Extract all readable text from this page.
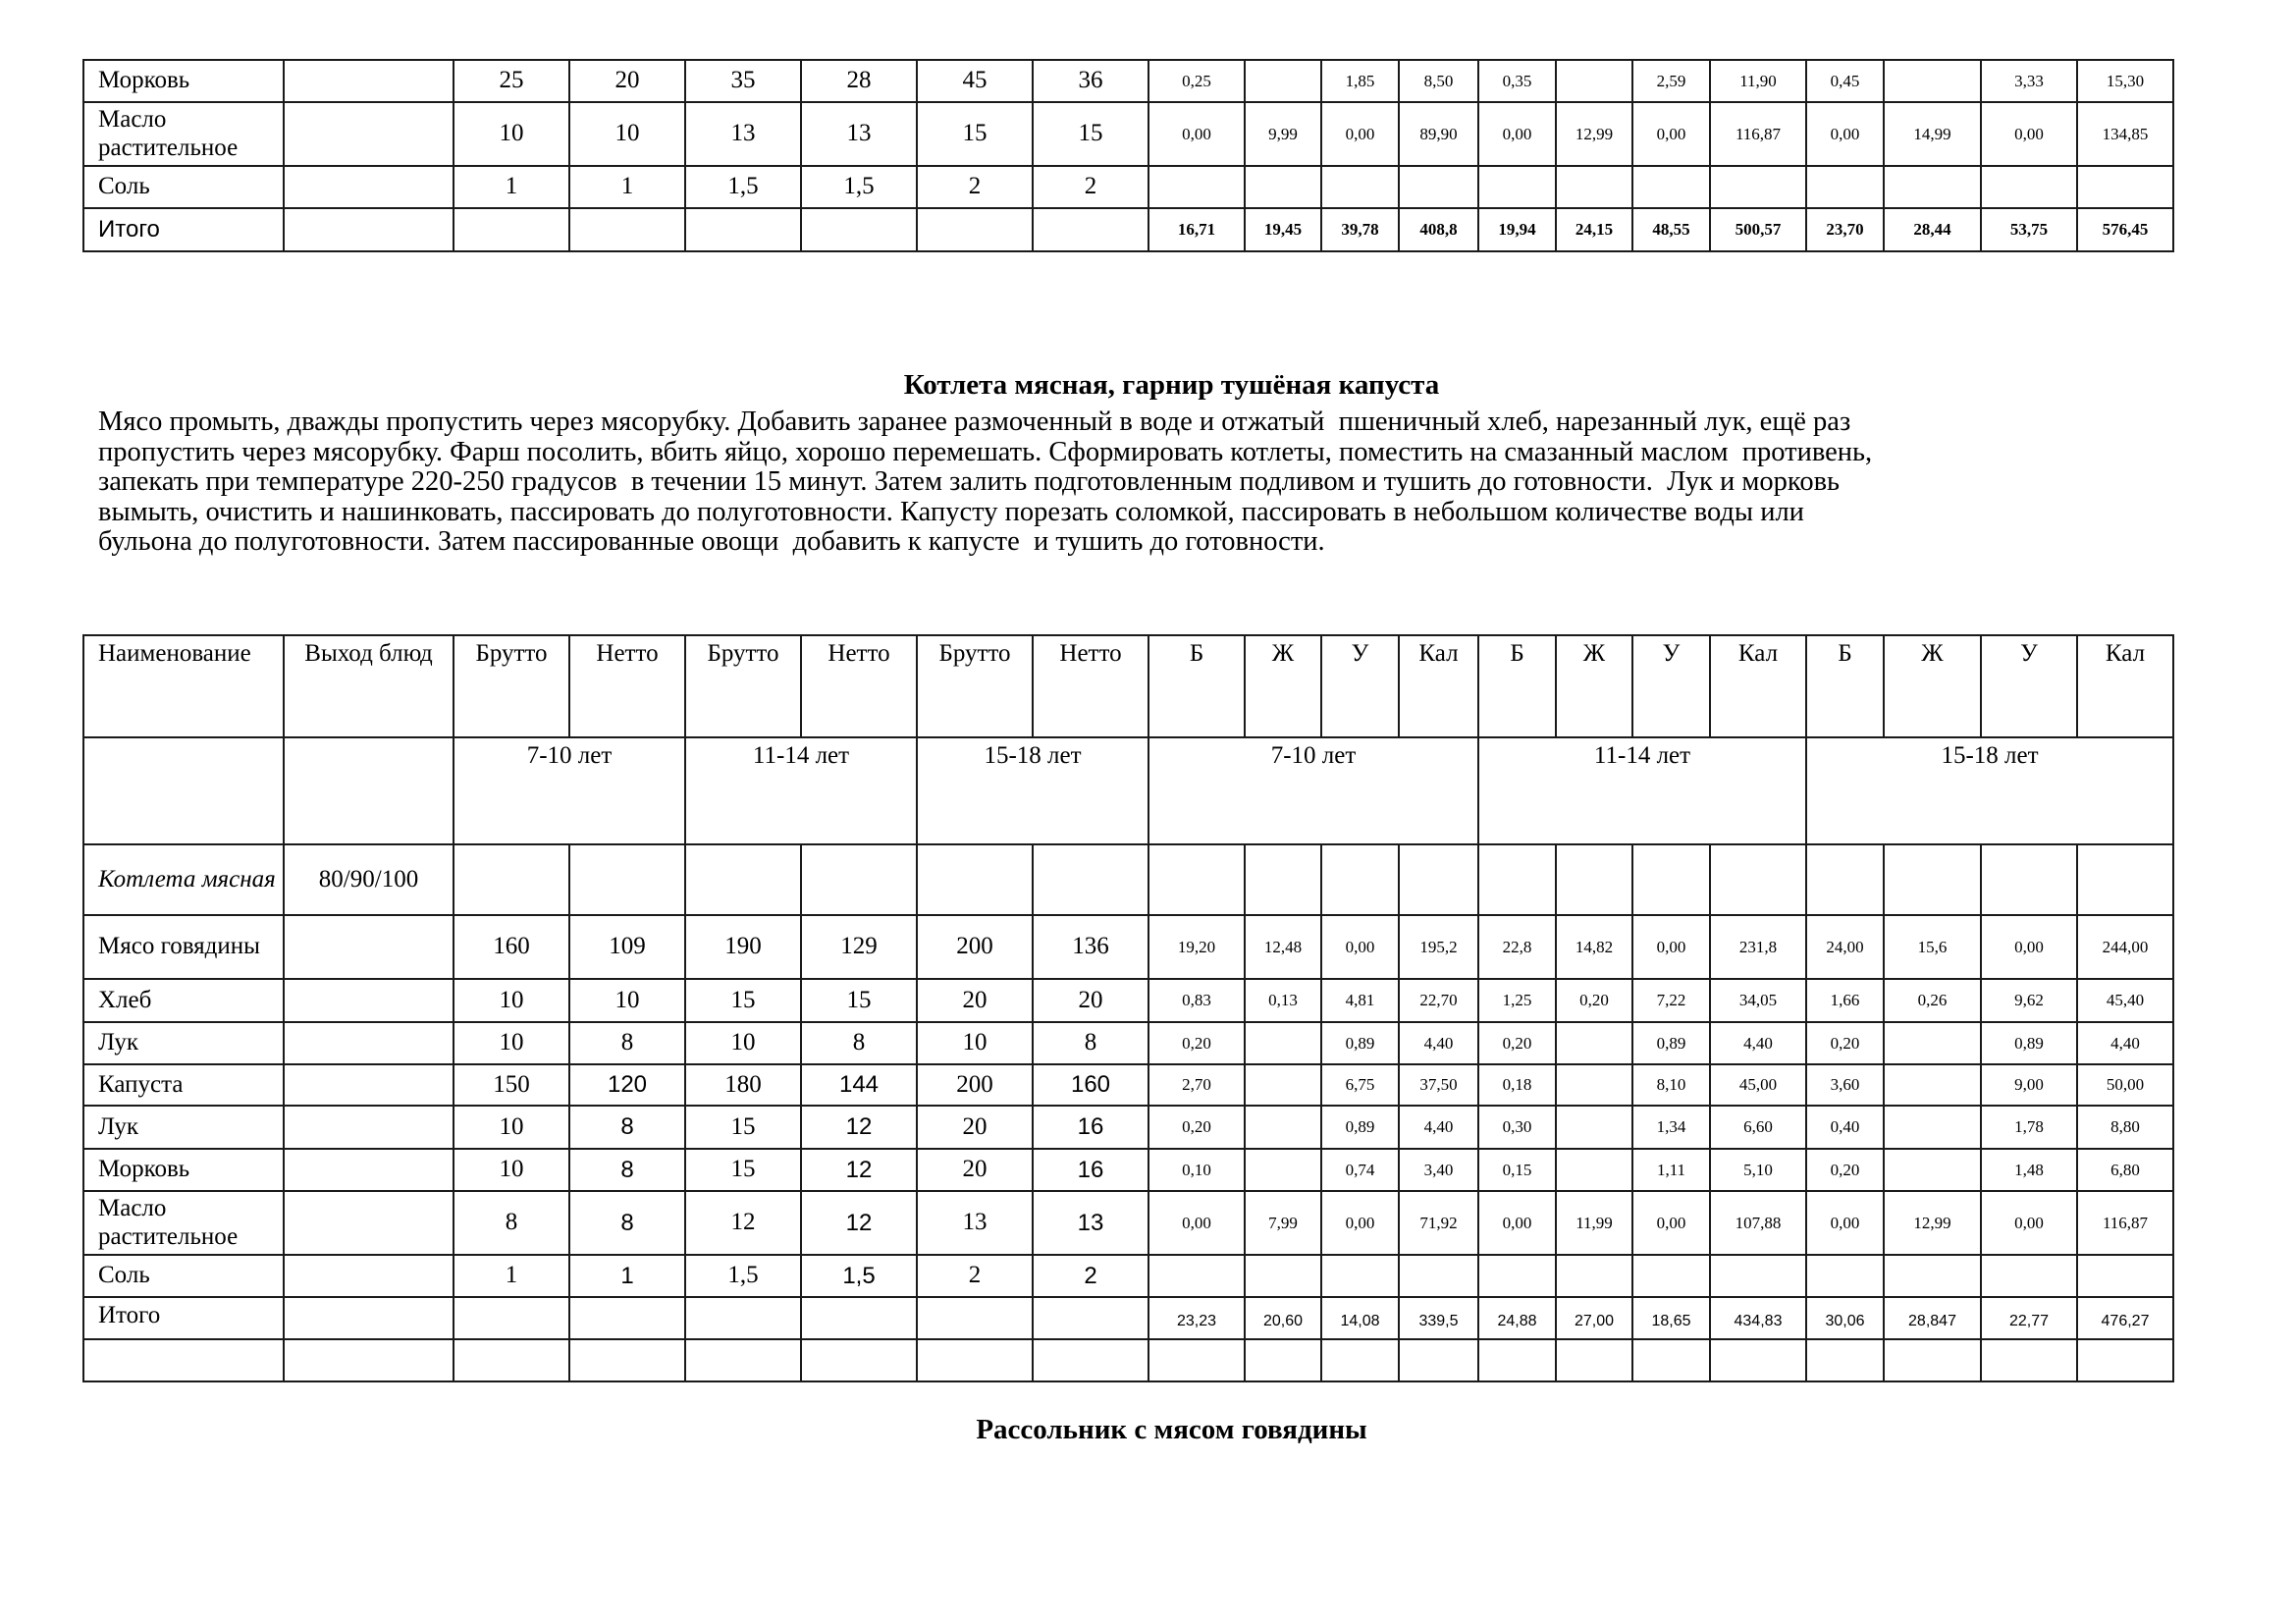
Морковь		25	20	35	28	45	36	0,25		1,85	8,50	0,35		2,59	11,90	0,45		3,33	15,30
Масло растительное		10	10	13	13	15	15	0,00	9,99	0,00	89,90	0,00	12,99	0,00	116,87	0,00	14,99	0,00	134,85
Соль		1	1	1,5	1,5	2	2												
Итого								16,71	19,45	39,78	408,8	19,94	24,15	48,55	500,57	23,70	28,44	53,75	576,45
Котлета мясная, гарнир тушёная капуста
Мясо промыть, дважды пропустить через мясорубку. Добавить заранее размоченный в воде и отжатый  пшеничный хлеб, нарезанный лук, ещё раз
пропустить через мясорубку. Фарш посолить, вбить яйцо, хорошо перемешать. Сформировать котлеты, поместить на смазанный маслом  противень,
запекать при температуре 220-250 градусов  в течении 15 минут. Затем залить подготовленным подливом и тушить до готовности.  Лук и морковь
вымыть, очистить и нашинковать, пассировать до полуготовности. Капусту порезать соломкой, пассировать в небольшом количестве воды или
бульона до полуготовности. Затем пассированные овощи  добавить к капусте  и тушить до готовности.
Наименование	Выход блюд	Брутто	Нетто	Брутто	Нетто	Брутто	Нетто	Б	Ж	У	Кал	Б	Ж	У	Кал	Б	Ж	У	Кал
		7-10 лет		11-14 лет		15-18 лет		7-10 лет				11-14 лет				15-18 лет			
Котлета мясная	80/90/100																		
Мясо говядины		160	109	190	129	200	136	19,20	12,48	0,00	195,2	22,8	14,82	0,00	231,8	24,00	15,6	0,00	244,00
Хлеб		10	10	15	15	20	20	0,83	0,13	4,81	22,70	1,25	0,20	7,22	34,05	1,66	0,26	9,62	45,40
Лук		10	8	10	8	10	8	0,20		0,89	4,40	0,20		0,89	4,40	0,20		0,89	4,40
Капуста		150	120	180	144	200	160	2,70		6,75	37,50	0,18		8,10	45,00	3,60		9,00	50,00
Лук		10	8	15	12	20	16	0,20		0,89	4,40	0,30		1,34	6,60	0,40		1,78	8,80
Морковь		10	8	15	12	20	16	0,10		0,74	3,40	0,15		1,11	5,10	0,20		1,48	6,80
Масло растительное		8	8	12	12	13	13	0,00	7,99	0,00	71,92	0,00	11,99	0,00	107,88	0,00	12,99	0,00	116,87
Соль		1	1	1,5	1,5	2	2												
Итого								23,23	20,60	14,08	339,5	24,88	27,00	18,65	434,83	30,06	28,847	22,77	476,27

Рассольник с мясом говядины
